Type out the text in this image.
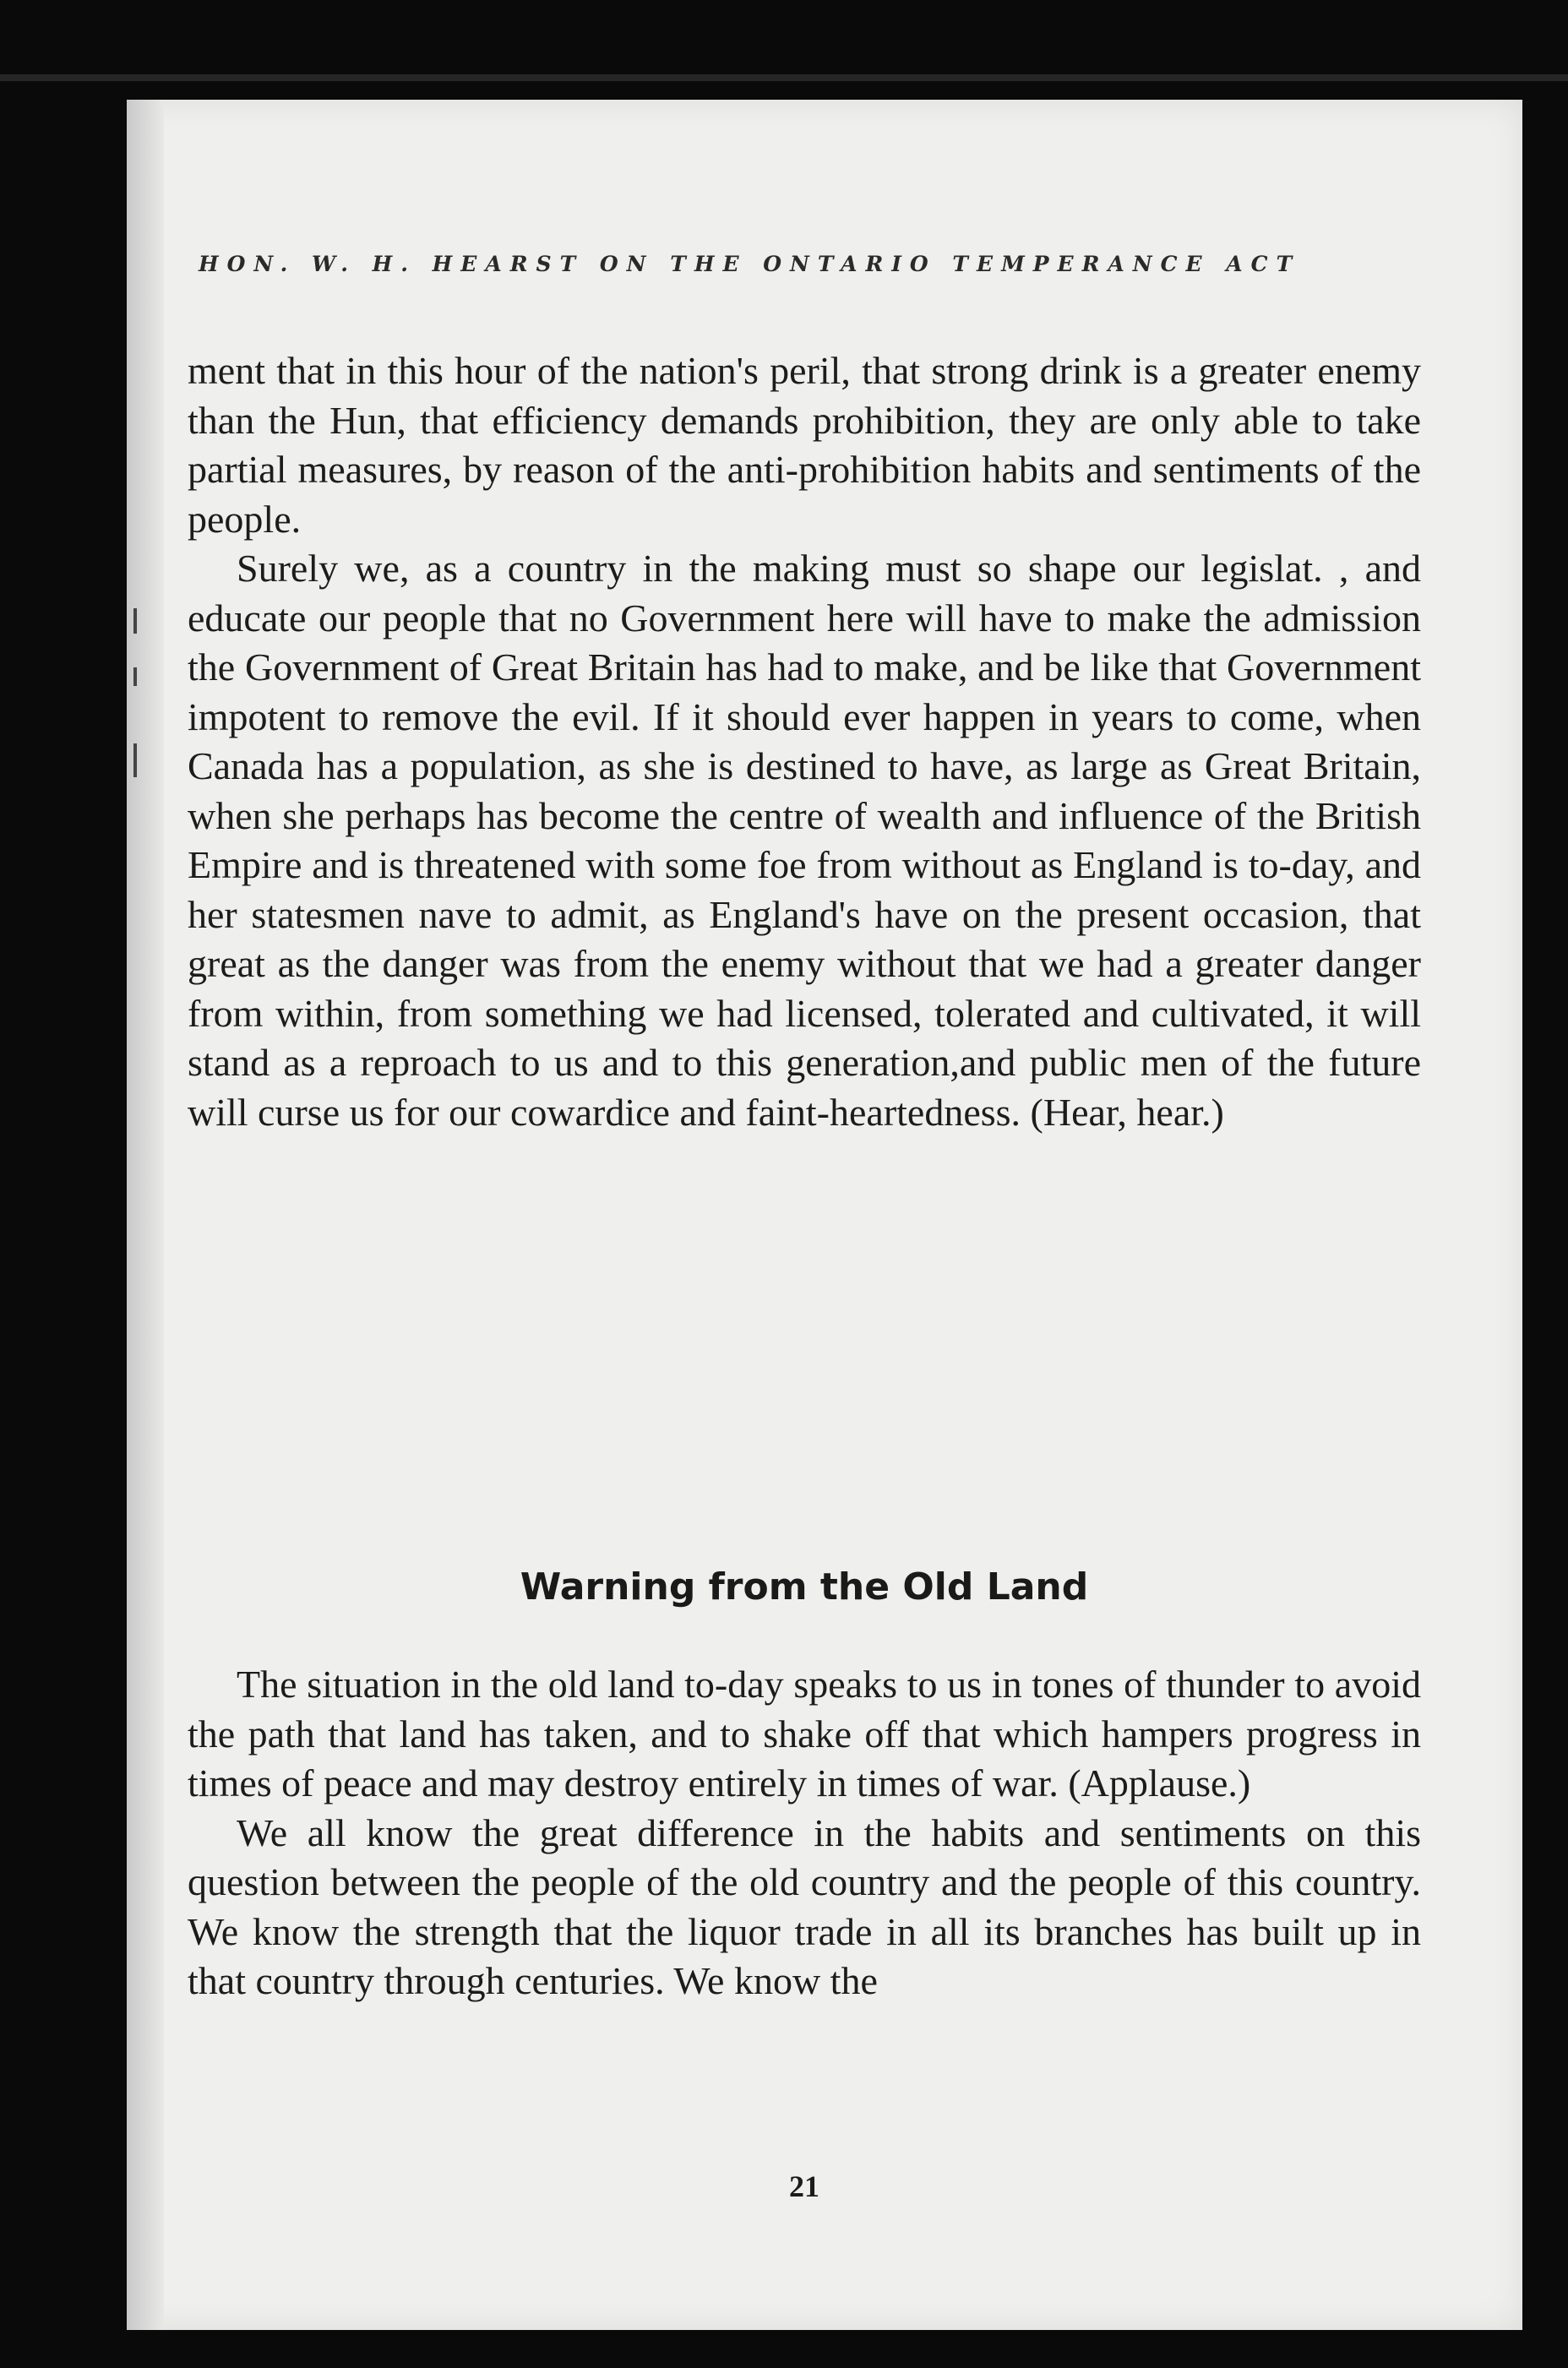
HON. W. H. HEARST ON THE ONTARIO TEMPERANCE ACT

ment that in this hour of the nation's peril, that strong drink is a greater enemy than the Hun, that efficiency demands prohibition, they are only able to take partial measures, by reason of the anti-prohibition habits and sentiments of the people.

Surely we, as a country in the making must so shape our legislat. , and educate our people that no Government here will have to make the admission the Government of Great Britain has had to make, and be like that Government impotent to remove the evil. If it should ever happen in years to come, when Canada has a population, as she is destined to have, as large as Great Britain, when she perhaps has become the centre of wealth and influence of the British Empire and is threatened with some foe from without as England is to-day, and her statesmen nave to admit, as England's have on the present occasion, that great as the danger was from the enemy without that we had a greater danger from within, from something we had licensed, tolerated and cultivated, it will stand as a reproach to us and to this generation,and public men of the future will curse us for our cowardice and faint-heartedness. (Hear, hear.)

Warning from the Old Land

The situation in the old land to-day speaks to us in tones of thunder to avoid the path that land has taken, and to shake off that which hampers progress in times of peace and may destroy entirely in times of war. (Applause.)

We all know the great difference in the habits and sentiments on this question between the people of the old country and the people of this country. We know the strength that the liquor trade in all its branches has built up in that country through centuries. We know the

21
